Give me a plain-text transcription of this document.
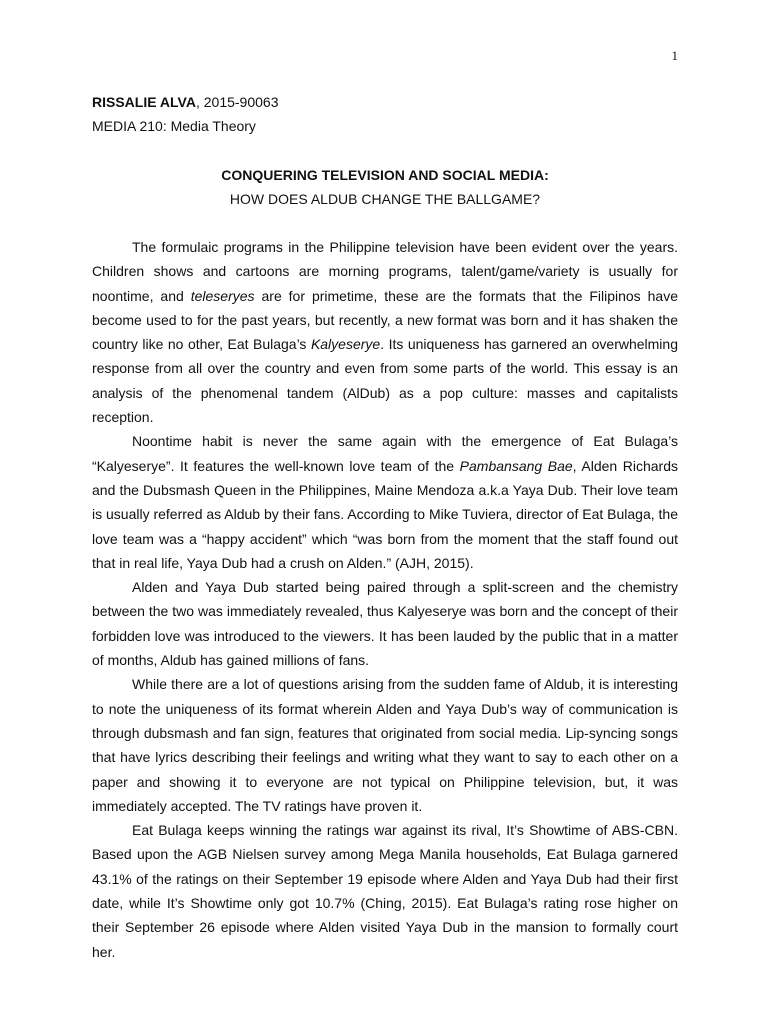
1
RISSALIE ALVA, 2015-90063
MEDIA 210: Media Theory
CONQUERING TELEVISION AND SOCIAL MEDIA:
HOW DOES ALDUB CHANGE THE BALLGAME?

The formulaic programs in the Philippine television have been evident over the years. Children shows and cartoons are morning programs, talent/game/variety is usually for noontime, and teleseryes are for primetime, these are the formats that the Filipinos have become used to for the past years, but recently, a new format was born and it has shaken the country like no other, Eat Bulaga’s Kalyeserye. Its uniqueness has garnered an overwhelming response from all over the country and even from some parts of the world. This essay is an analysis of the phenomenal tandem (AlDub) as a pop culture: masses and capitalists reception.

Noontime habit is never the same again with the emergence of Eat Bulaga’s “Kalyeserye”. It features the well-known love team of the Pambansang Bae, Alden Richards and the Dubsmash Queen in the Philippines, Maine Mendoza a.k.a Yaya Dub. Their love team is usually referred as Aldub by their fans. According to Mike Tuviera, director of Eat Bulaga, the love team was a “happy accident” which “was born from the moment that the staff found out that in real life, Yaya Dub had a crush on Alden.” (AJH, 2015).

Alden and Yaya Dub started being paired through a split-screen and the chemistry between the two was immediately revealed, thus Kalyeserye was born and the concept of their forbidden love was introduced to the viewers. It has been lauded by the public that in a matter of months, Aldub has gained millions of fans.

While there are a lot of questions arising from the sudden fame of Aldub, it is interesting to note the uniqueness of its format wherein Alden and Yaya Dub’s way of communication is through dubsmash and fan sign, features that originated from social media. Lip-syncing songs that have lyrics describing their feelings and writing what they want to say to each other on a paper and showing it to everyone are not typical on Philippine television, but, it was immediately accepted. The TV ratings have proven it.

Eat Bulaga keeps winning the ratings war against its rival, It’s Showtime of ABS-CBN. Based upon the AGB Nielsen survey among Mega Manila households, Eat Bulaga garnered 43.1% of the ratings on their September 19 episode where Alden and Yaya Dub had their first date, while It’s Showtime only got 10.7% (Ching, 2015). Eat Bulaga’s rating rose higher on their September 26 episode where Alden visited Yaya Dub in the mansion to formally court her.
